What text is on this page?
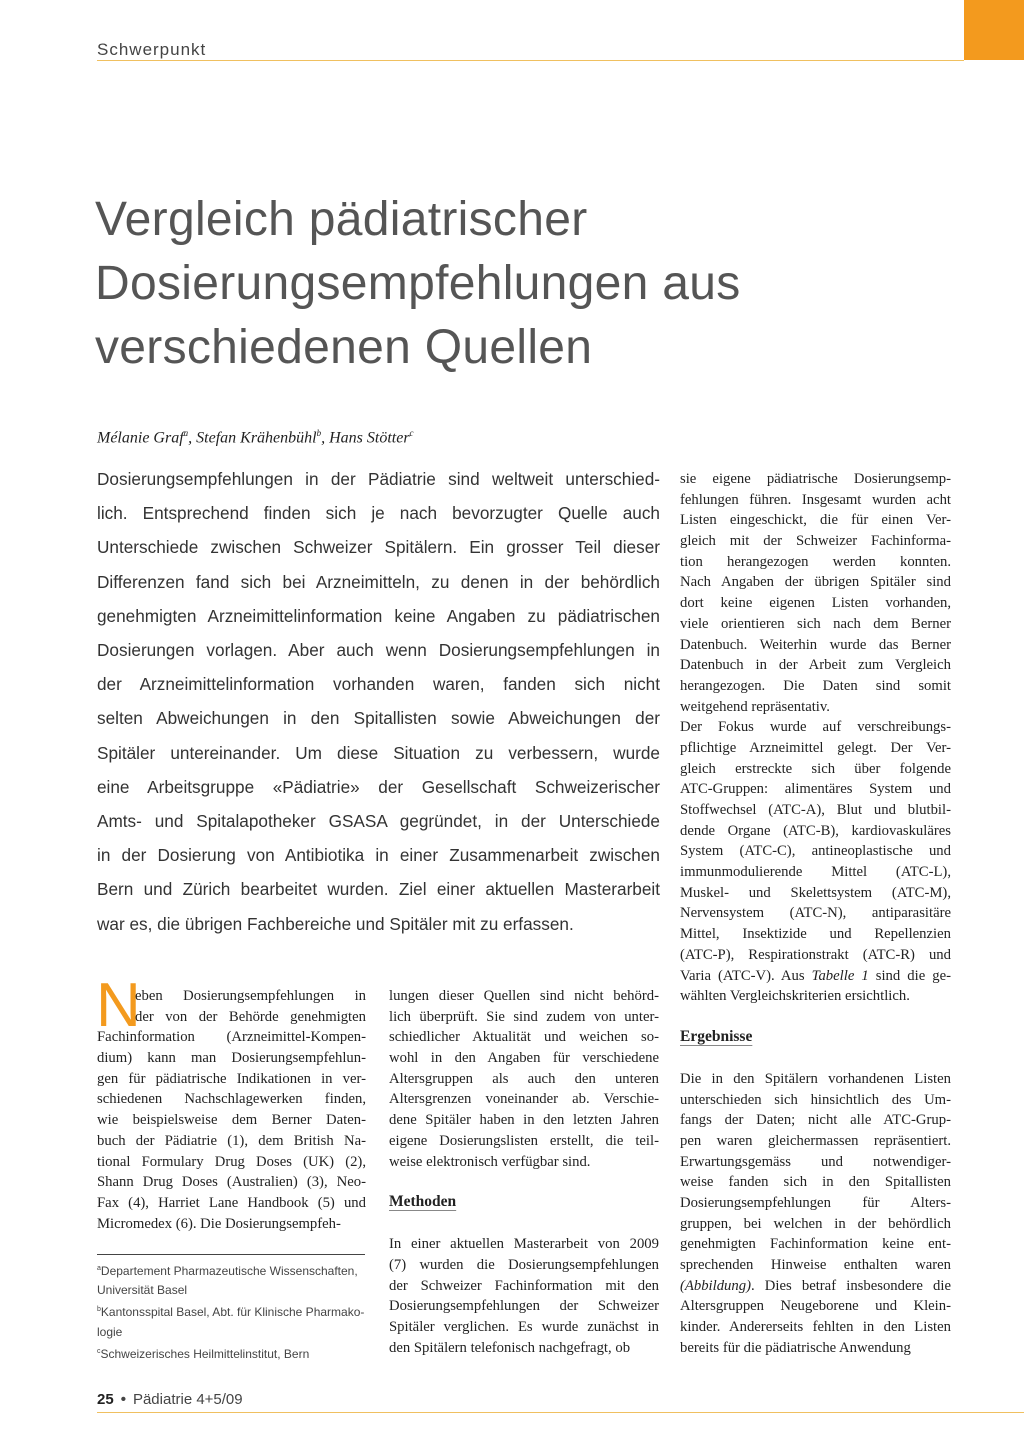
Schwerpunkt
Vergleich pädiatrischer
Dosierungsempfehlungen aus
verschiedenen Quellen
Mélanie Graf$^a$, Stefan Krähenbühl$^b$, Hans Stötter$^c$
Dosierungsempfehlungen in der Pädiatrie sind weltweit unterschied-
lich. Entsprechend finden sich je nach bevorzugter Quelle auch
Unterschiede zwischen Schweizer Spitälern. Ein grosser Teil dieser
Differenzen fand sich bei Arzneimitteln, zu denen in der behördlich
genehmigten Arzneimittelinformation keine Angaben zu pädiatrischen
Dosierungen vorlagen. Aber auch wenn Dosierungsempfehlungen in
der Arzneimittelinformation vorhanden waren, fanden sich nicht
selten Abweichungen in den Spitallisten sowie Abweichungen der
Spitäler untereinander. Um diese Situation zu verbessern, wurde
eine Arbeitsgruppe «Pädiatrie» der Gesellschaft Schweizerischer
Amts- und Spitalapotheker GSASA gegründet, in der Unterschiede
in der Dosierung von Antibiotika in einer Zusammenarbeit zwischen
Bern und Zürich bearbeitet wurden. Ziel einer aktuellen Masterarbeit
war es, die übrigen Fachbereiche und Spitäler mit zu erfassen.
N
eben Dosierungsempfehlungen in
der von der Behörde genehmigten
Fachinformation (Arzneimittel-Kompen-
dium) kann man Dosierungsempfehlun-
gen für pädiatrische Indikationen in ver-
schiedenen Nachschlagewerken finden,
wie beispielsweise dem Berner Daten-
buch der Pädiatrie (1), dem British Na-
tional Formulary Drug Doses (UK) (2),
Shann Drug Doses (Australien) (3), Neo-
Fax (4), Harriet Lane Handbook (5) und
Micromedex (6). Die Dosierungsempfeh-
$^a$Departement Pharmazeutische Wissenschaften,
Universität Basel
$^b$Kantonsspital Basel, Abt. für Klinische Pharmako-
logie
$^c$Schweizerisches Heilmittelinstitut, Bern
lungen dieser Quellen sind nicht behörd-
lich überprüft. Sie sind zudem von unter-
schiedlicher Aktualität und weichen so-
wohl in den Angaben für verschiedene
Altersgruppen als auch den unteren
Altersgrenzen voneinander ab. Verschie-
dene Spitäler haben in den letzten Jahren
eigene Dosierungslisten erstellt, die teil-
weise elektronisch verfügbar sind.
Methoden
In einer aktuellen Masterarbeit von 2009
(7) wurden die Dosierungsempfehlungen
der Schweizer Fachinformation mit den
Dosierungsempfehlungen der Schweizer
Spitäler verglichen. Es wurde zunächst in
den Spitälern telefonisch nachgefragt, ob
sie eigene pädiatrische Dosierungsemp-
fehlungen führen. Insgesamt wurden acht
Listen eingeschickt, die für einen Ver-
gleich mit der Schweizer Fachinforma-
tion herangezogen werden konnten.
Nach Angaben der übrigen Spitäler sind
dort keine eigenen Listen vorhanden,
viele orientieren sich nach dem Berner
Datenbuch. Weiterhin wurde das Berner
Datenbuch in der Arbeit zum Vergleich
herangezogen. Die Daten sind somit
weitgehend repräsentativ.
Der Fokus wurde auf verschreibungs-
pflichtige Arzneimittel gelegt. Der Ver-
gleich erstreckte sich über folgende
ATC-Gruppen: alimentäres System und
Stoffwechsel (ATC-A), Blut und blutbil-
dende Organe (ATC-B), kardiovaskuläres
System (ATC-C), antineoplastische und
immunmodulierende Mittel (ATC-L),
Muskel- und Skelettsystem (ATC-M),
Nervensystem (ATC-N), antiparasitäre
Mittel, Insektizide und Repellenzien
(ATC-P), Respirationstrakt (ATC-R) und
Varia (ATC-V). Aus Tabelle 1 sind die ge-
wählten Vergleichskriterien ersichtlich.
Ergebnisse
Die in den Spitälern vorhandenen Listen
unterschieden sich hinsichtlich des Um-
fangs der Daten; nicht alle ATC-Grup-
pen waren gleichermassen repräsentiert.
Erwartungsgemäss und notwendiger-
weise fanden sich in den Spitallisten
Dosierungsempfehlungen für Alters-
gruppen, bei welchen in der behördlich
genehmigten Fachinformation keine ent-
sprechenden Hinweise enthalten waren
(Abbildung). Dies betraf insbesondere die
Altersgruppen Neugeborene und Klein-
kinder. Andererseits fehlten in den Listen
bereits für die pädiatrische Anwendung
25 • Pädiatrie 4+5/09
